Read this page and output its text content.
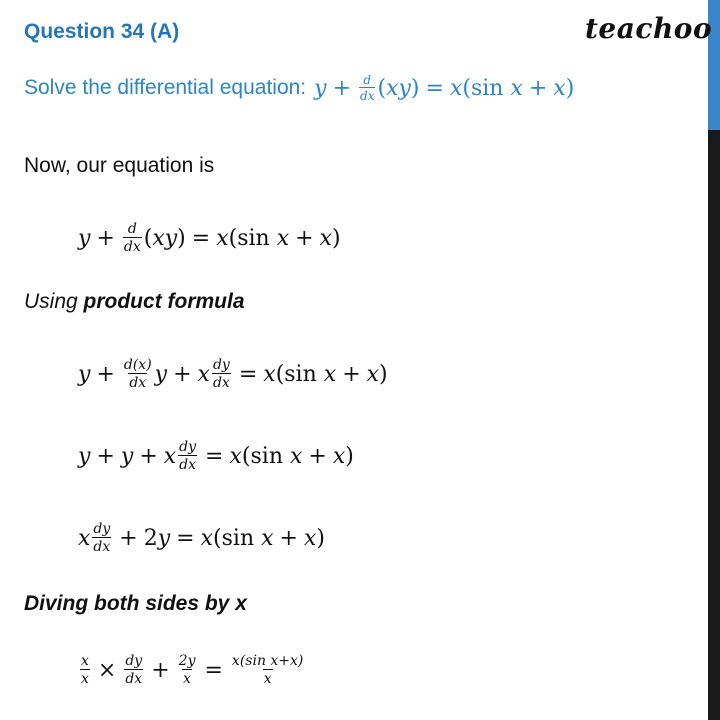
Question 34 (A)	teachoo
Solve the differential equation: $y + \frac{d}{dx}$ ( xy ) = x (sin x + x )
Now, our equation is
$y + \frac{d}{dx}$ ( xy ) = x (sin x + x )
Using product formula
$y + \frac{d(x)}{dx}$ y + x $\frac{dy}{dx} = x$ (sin x + x )
y + y + x $\frac{dy}{dx} = x$ (sin x + x )
x $\frac{dy}{dx} + 2$ y = x (sin x + x )
Diving both sides by x
$\frac{x}{x} \times \frac{dy}{dx} + \frac{2y}{x} = \frac{\text{x(sin x+x)}}{x}$
